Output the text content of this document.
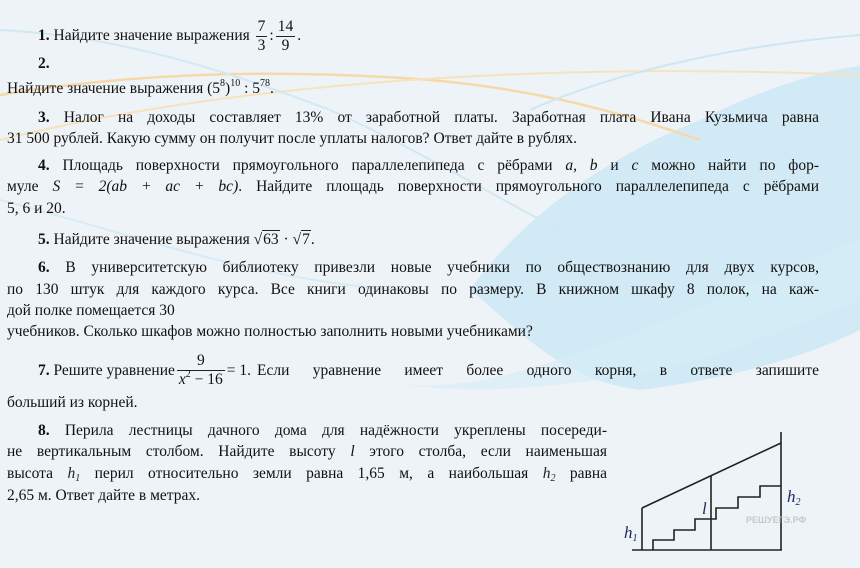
1. Найдите значение выражения $\frac{7}{3}$ : $\frac{14}{9}$ .
2.
Найдите значение выражения $(5^8)^{10}$ : $5^{78}$.
3. Налог на доходы составляет 13% от заработной платы. Заработная плата Ивана Кузьмича равна
31 500 рублей. Какую сумму он получит после уплаты налогов? Ответ дайте в рублях.
4. Площадь поверхности прямоугольного параллелепипеда с рёбрами a, b и c можно найти по фор-
муле S = 2(ab + ac + bc). Найдите площадь поверхности прямоугольного параллелепипеда с рёбрами
5, 6 и 20.
5. Найдите значение выражения √63 · √7.
6. В университетскую библиотеку привезли новые учебники по обществознанию для двух курсов,
по 130 штук для каждого курса. Все книги одинаковы по размеру. В книжном шкафу 8 полок, на каж-
дой полке помещается 30
учебников. Сколько шкафов можно полностью заполнить новыми учебниками?
7. Решите уравнение $\frac{9}{x^2 - 16} = 1$. Если уравнение имеет более одного корня, в ответе запишите
больший из корней.
8. Перила лестницы дачного дома для надёжности укреплены посереди-
не вертикальным столбом. Найдите высоту l этого столба, если наименьшая
высота $h_1$ перил относительно земли равна 1,65 м, а наибольшая $h_2$ равна
2,65 м. Ответ дайте в метрах.
h1
l
h2
РЕШУЕГЭ.РФ
